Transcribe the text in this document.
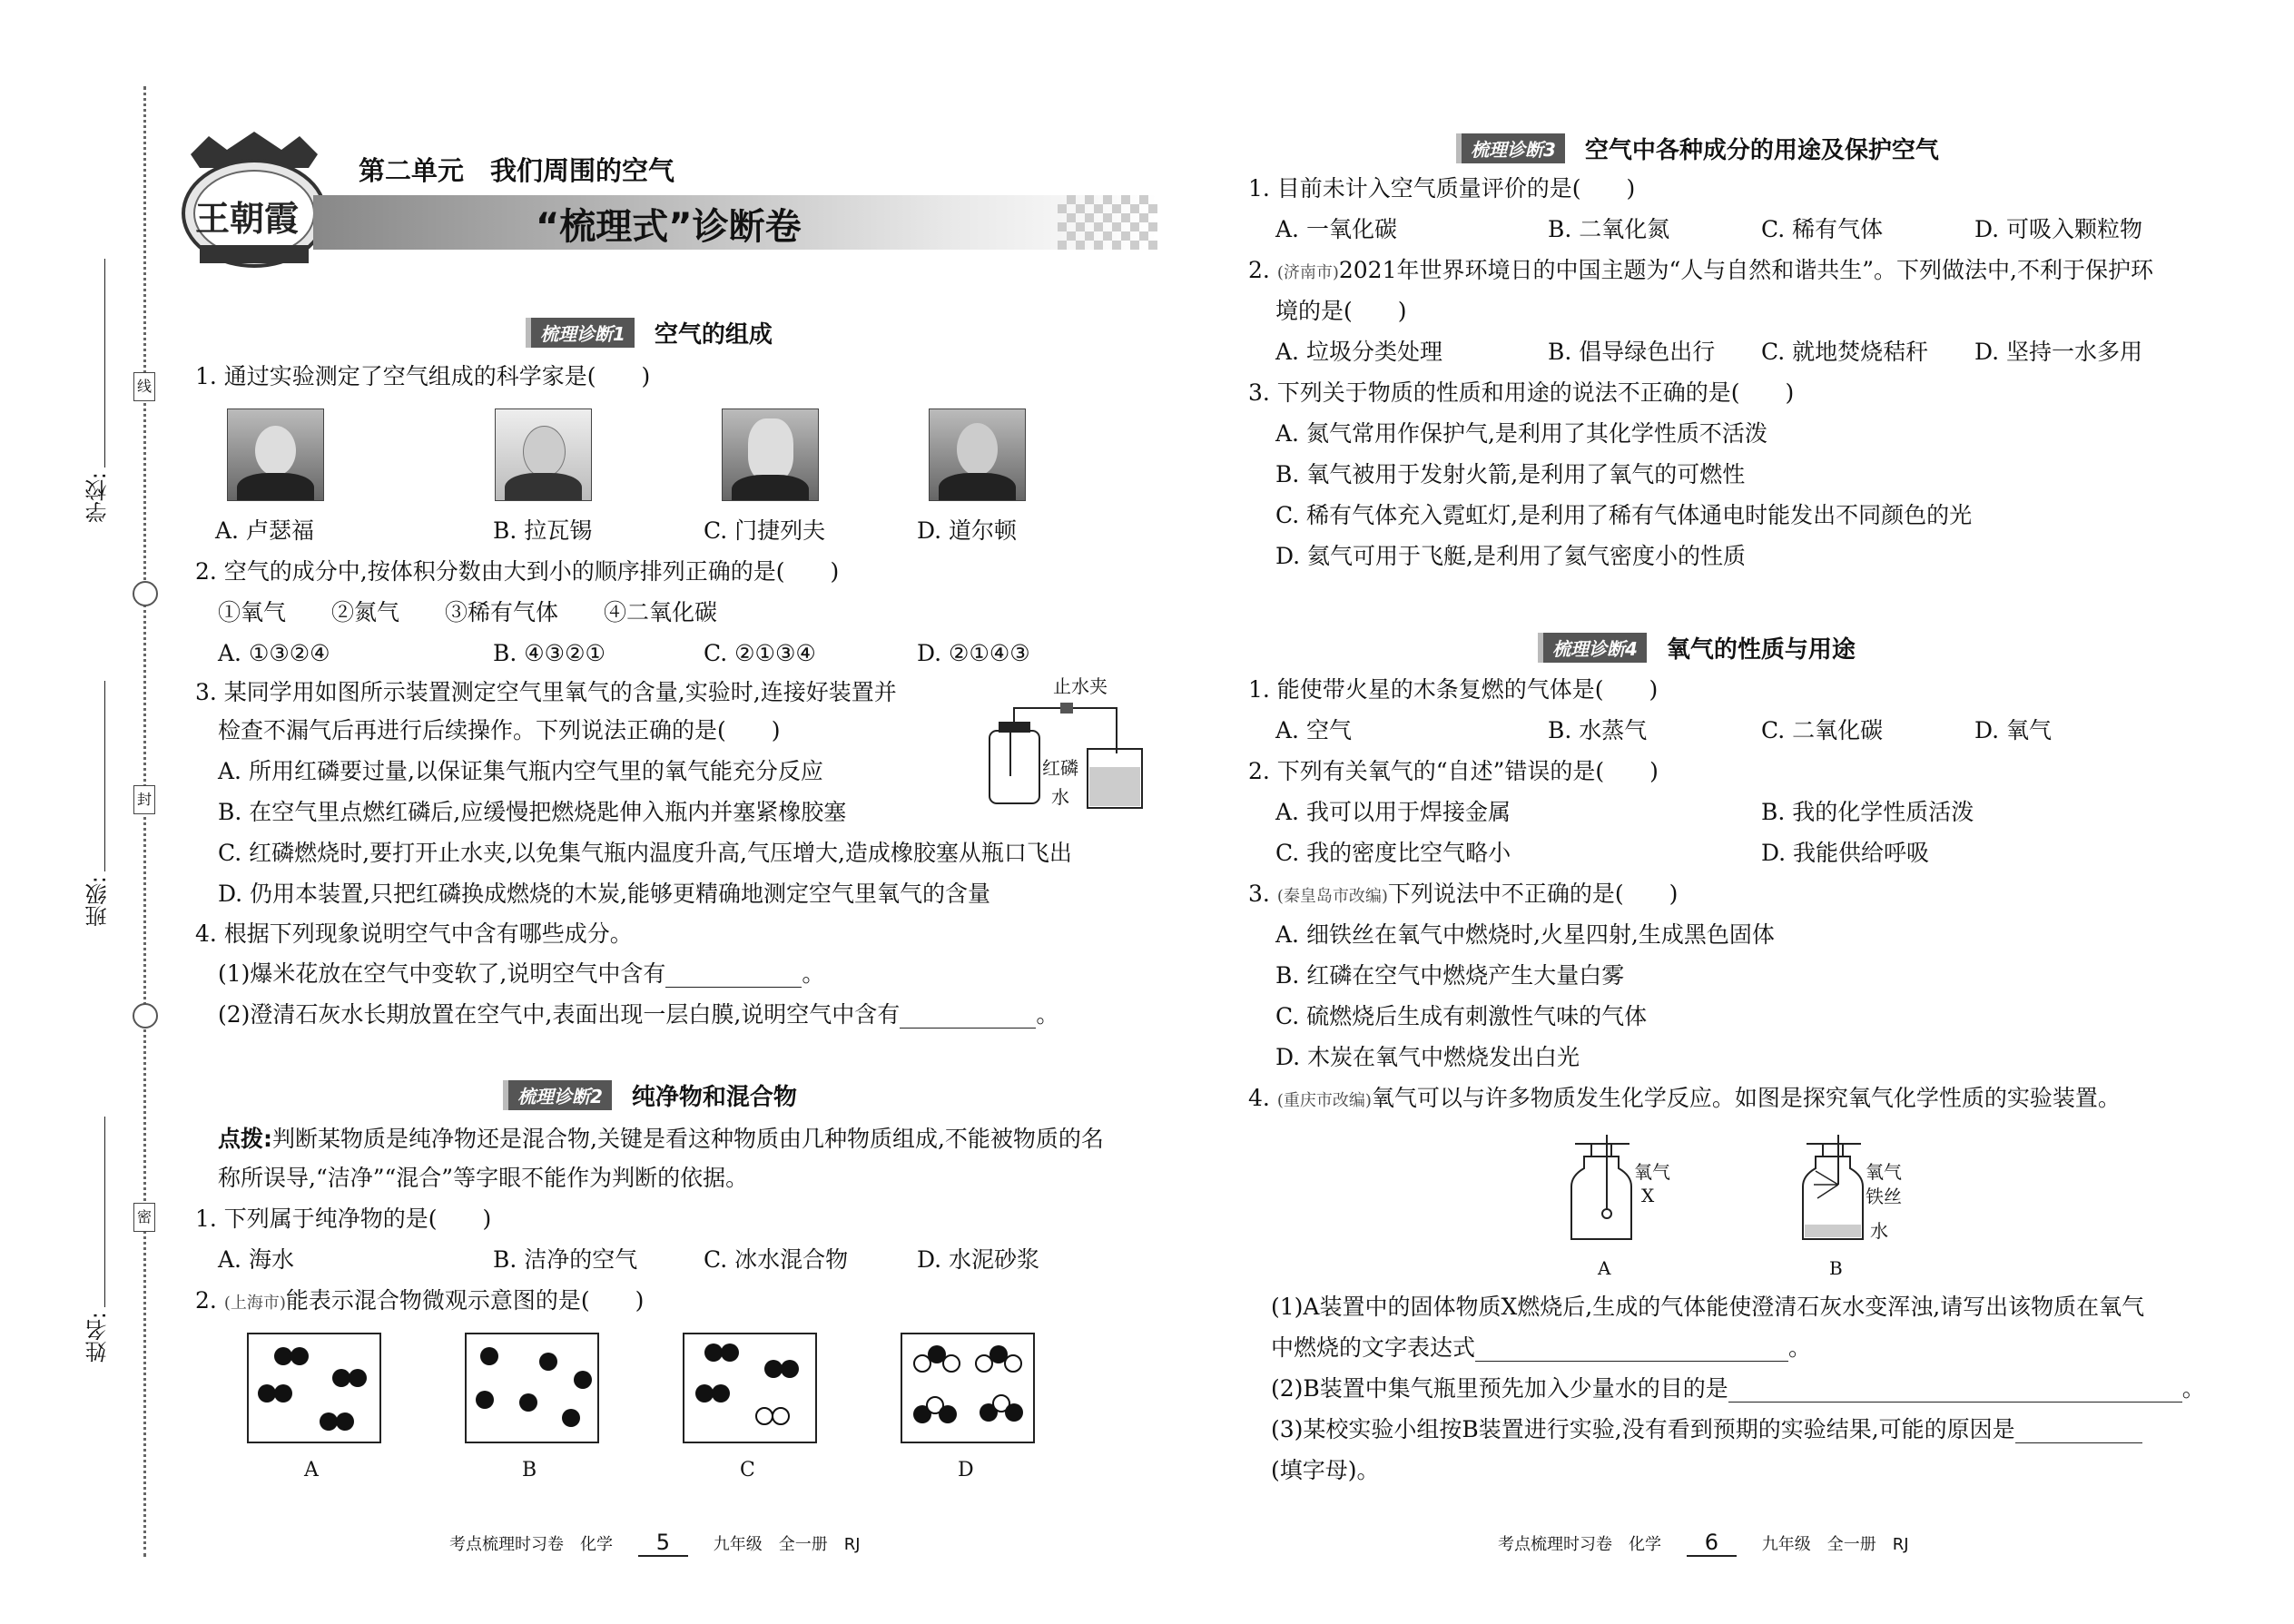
学校:
班级:
姓名:
线
封
密
王朝霞
第二单元　我们周围的空气
“梳理式”诊断卷
梳理诊断1	空气的组成
1. 通过实验测定了空气组成的科学家是(　　)
A. 卢瑟福	B. 拉瓦锡	C. 门捷列夫	D. 道尔顿
2. 空气的成分中,按体积分数由大到小的顺序排列正确的是(　　)
①氧气　　②氮气　　③稀有气体　　④二氧化碳
A. ①③②④	B. ④③②①	C. ②①③④	D. ②①④③
3. 某同学用如图所示装置测定空气里氧气的含量,实验时,连接好装置并
检查不漏气后再进行后续操作。下列说法正确的是(　　)
A. 所用红磷要过量,以保证集气瓶内空气里的氧气能充分反应
B. 在空气里点燃红磷后,应缓慢把燃烧匙伸入瓶内并塞紧橡胶塞
C. 红磷燃烧时,要打开止水夹,以免集气瓶内温度升高,气压增大,造成橡胶塞从瓶口飞出
D. 仍用本装置,只把红磷换成燃烧的木炭,能够更精确地测定空气里氧气的含量
止水夹
红磷
水
4. 根据下列现象说明空气中含有哪些成分。
(1)爆米花放在空气中变软了,说明空气中含有	。
(2)澄清石灰水长期放置在空气中,表面出现一层白膜,说明空气中含有	。
梳理诊断2	纯净物和混合物
点拨:判断某物质是纯净物还是混合物,关键是看这种物质由几种物质组成,不能被物质的名
称所误导,“洁净”“混合”等字眼不能作为判断的依据。
1. 下列属于纯净物的是(　　)
A. 海水	B. 洁净的空气	C. 冰水混合物	D. 水泥砂浆
2. (上海市)能表示混合物微观示意图的是(　　)
A	B	C	D
考点梳理时习卷　化学 5	九年级　全一册　RJ
梳理诊断3	空气中各种成分的用途及保护空气
1. 目前未计入空气质量评价的是(　　)
A. 一氧化碳	B. 二氧化氮	C. 稀有气体	D. 可吸入颗粒物
2. (济南市)2021年世界环境日的中国主题为“人与自然和谐共生”。下列做法中,不利于保护环
境的是(　　)
A. 垃圾分类处理	B. 倡导绿色出行 C. 就地焚烧秸秆 D. 坚持一水多用
3. 下列关于物质的性质和用途的说法不正确的是(　　)
A. 氮气常用作保护气,是利用了其化学性质不活泼
B. 氧气被用于发射火箭,是利用了氧气的可燃性
C. 稀有气体充入霓虹灯,是利用了稀有气体通电时能发出不同颜色的光
D. 氦气可用于飞艇,是利用了氦气密度小的性质
梳理诊断4	氧气的性质与用途
1. 能使带火星的木条复燃的气体是(　　)
A. 空气	B. 水蒸气	C. 二氧化碳	D. 氧气
2. 下列有关氧气的“自述”错误的是(　　)
A. 我可以用于焊接金属	B. 我的化学性质活泼
C. 我的密度比空气略小	D. 我能供给呼吸
3. (秦皇岛市改编)下列说法中不正确的是(　　)
A. 细铁丝在氧气中燃烧时,火星四射,生成黑色固体
B. 红磷在空气中燃烧产生大量白雾
C. 硫燃烧后生成有刺激性气味的气体
D. 木炭在氧气中燃烧发出白光
4. (重庆市改编)氧气可以与许多物质发生化学反应。如图是探究氧气化学性质的实验装置。
氧气
X
A
氧气
铁丝
水
B
(1)A装置中的固体物质X燃烧后,生成的气体能使澄清石灰水变浑浊,请写出该物质在氧气
中燃烧的文字表达式	。
(2)B装置中集气瓶里预先加入少量水的目的是	。
(3)某校实验小组按B装置进行实验,没有看到预期的实验结果,可能的原因是
(填字母)。
考点梳理时习卷　化学 6	九年级　全一册　RJ
